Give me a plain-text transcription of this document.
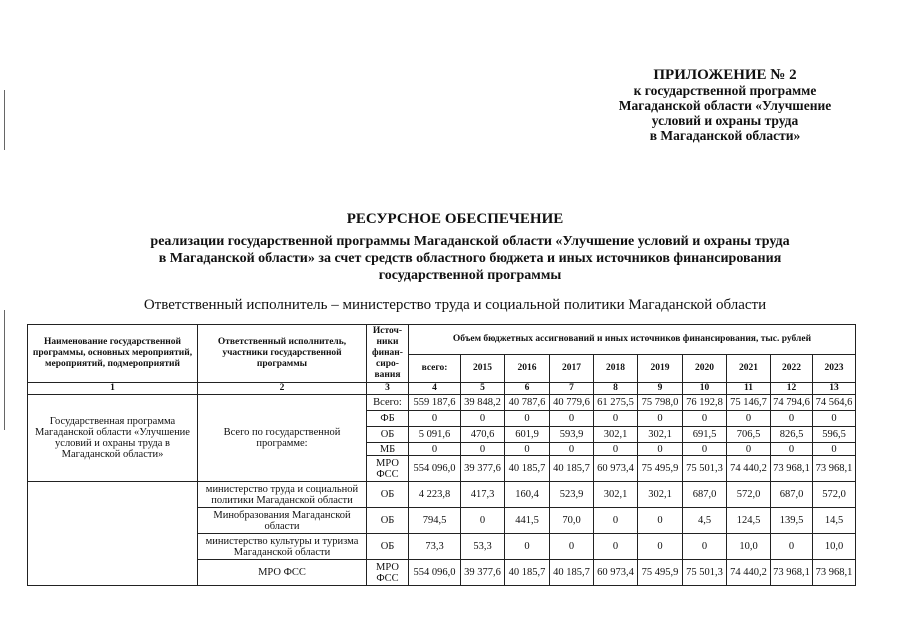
ПРИЛОЖЕНИЕ № 2
к государственной программе
Магаданской области «Улучшение
условий и охраны труда
в Магаданской области»
РЕСУРСНОЕ ОБЕСПЕЧЕНИЕ
реализации государственной программы Магаданской области «Улучшение условий и охраны труда
в Магаданской области» за счет средств областного бюджета и иных источников финансирования
государственной программы
Ответственный исполнитель – министерство труда и социальной политики Магаданской области
Наименование государственной программы, основных мероприятий, мероприятий, подмероприятий	Ответственный исполнитель, участники государственной программы	Источ-ники финан-сиро-вания	Объем бюджетных ассигнований и иных источников финансирования, тыс. рублей									
			всего:	2015	2016	2017	2018	2019	2020	2021	2022	2023
1	2	3	4	5	6	7	8	9	10	11	12	13
Государственная программа Магаданской области «Улучшение условий и охраны труда в Магаданской области»	Всего по государственной программе:	Всего:	559 187,6	39 848,2	40 787,6	40 779,6	61 275,5	75 798,0	76 192,8	75 146,7	74 794,6	74 564,6
		ФБ	0	0	0	0	0	0	0	0	0	0
		ОБ	5 091,6	470,6	601,9	593,9	302,1	302,1	691,5	706,5	826,5	596,5
		МБ	0	0	0	0	0	0	0	0	0	0
		МРО ФСС	554 096,0	39 377,6	40 185,7	40 185,7	60 973,4	75 495,9	75 501,3	74 440,2	73 968,1	73 968,1
	министерство труда и социальной политики Магаданской области	ОБ	4 223,8	417,3	160,4	523,9	302,1	302,1	687,0	572,0	687,0	572,0
	Минобразования Магаданской области	ОБ	794,5	0	441,5	70,0	0	0	4,5	124,5	139,5	14,5
	министерство культуры и туризма Магаданской области	ОБ	73,3	53,3	0	0	0	0	0	10,0	0	10,0
	МРО ФСС	МРО ФСС	554 096,0	39 377,6	40 185,7	40 185,7	60 973,4	75 495,9	75 501,3	74 440,2	73 968,1	73 968,1
